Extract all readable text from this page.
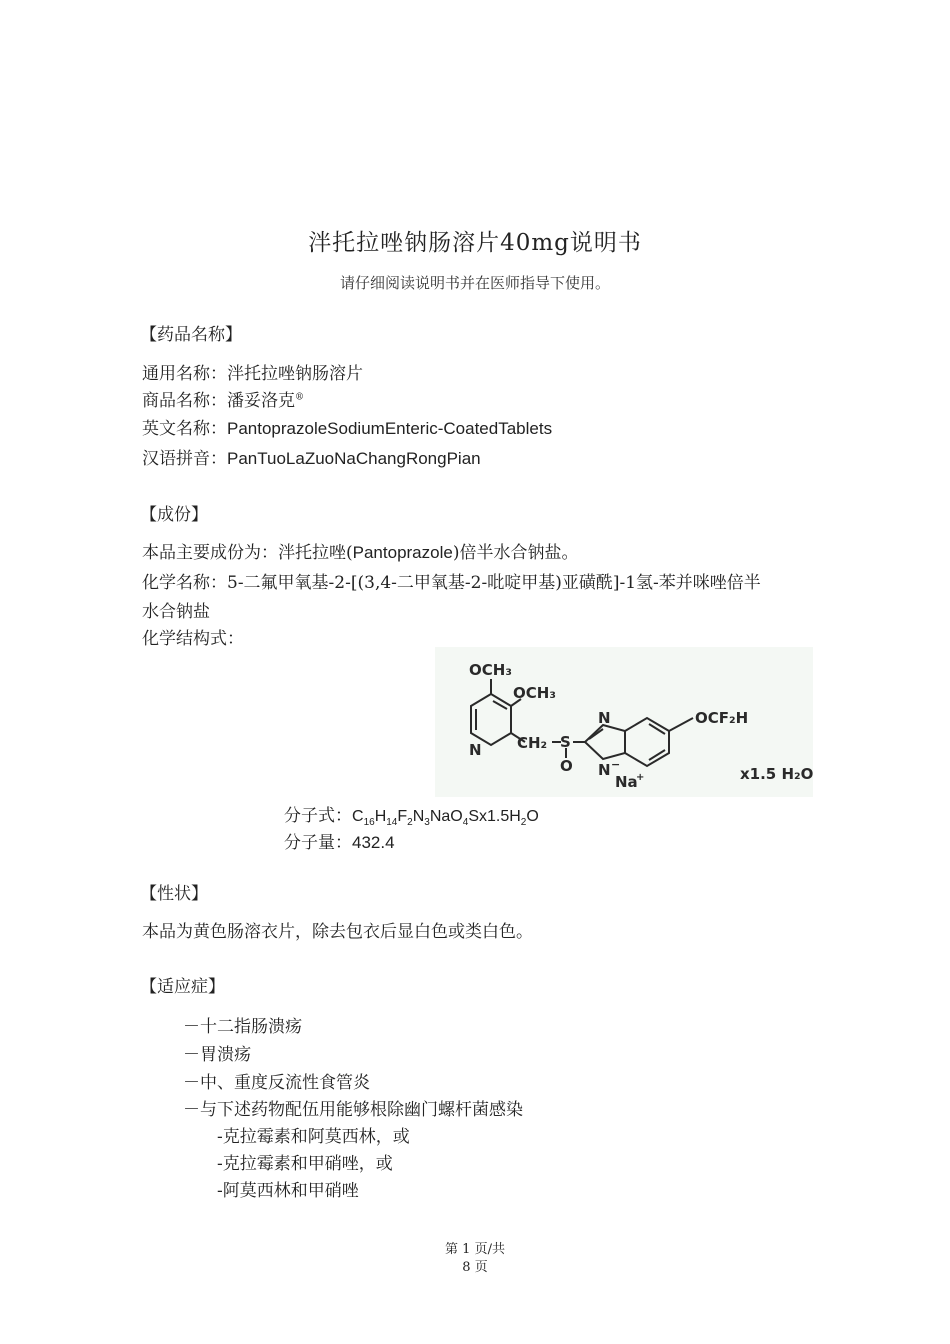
泮托拉唑钠肠溶片40mg说明书
请仔细阅读说明书并在医师指导下使用。
【药品名称】
通用名称：泮托拉唑钠肠溶片
商品名称：潘妥洛克®
英文名称：PantoprazoleSodiumEnteric-CoatedTablets
汉语拼音：PanTuoLaZuoNaChangRongPian
【成份】
本品主要成份为：泮托拉唑(Pantoprazole)倍半水合钠盐。
化学名称：5-二氟甲氧基-2-[(3,4-二甲氧基-2-吡啶甲基)亚磺酰]-1氢-苯并咪唑倍半
水合钠盐
化学结构式：
OCH₃
OCH₃
N CH₂ S
O
N
N −
Na
+
OCF₂H
x1.5 H₂O
分子式：$C_{16}H_{14}F_2N_3NaO_4Sx1.5H_2O$
分子量：432.4
【性状】
本品为黄色肠溶衣片，除去包衣后显白色或类白色。
【适应症】
－十二指肠溃疡
－胃溃疡
－中、重度反流性食管炎
－与下述药物配伍用能够根除幽门螺杆菌感染
-克拉霉素和阿莫西林，或
-克拉霉素和甲硝唑，或
-阿莫西林和甲硝唑
第 1 页/共
8 页
